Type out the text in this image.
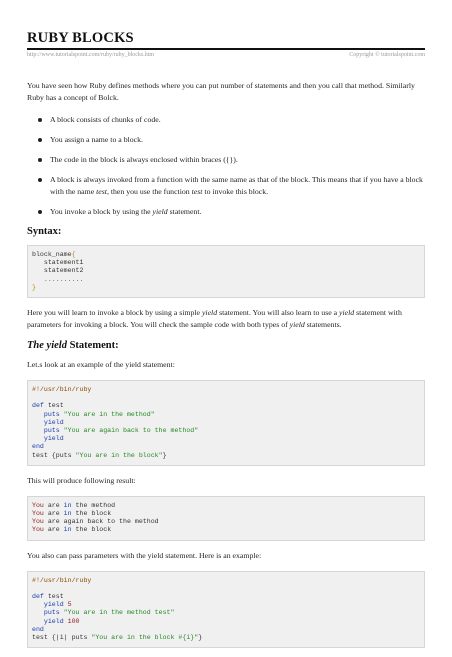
RUBY BLOCKS
http://www.tutorialspoint.com/ruby/ruby_blocks.htm	Copyright © tutorialspoint.com

You have seen how Ruby defines methods where you can put number of statements and then you call that method. Similarly Ruby has a concept of Bolck.

A block consists of chunks of code.
You assign a name to a block.
The code in the block is always enclosed within braces ({}).
A block is always invoked from a function with the same name as that of the block. This means that if you have a block with the name test, then you use the function test to invoke this block.
You invoke a block by using the yield statement.
Syntax:
block_name{
statement1
statement2
..........
}

Here you will learn to invoke a block by using a simple yield statement. You will also learn to use a yield statement with parameters for invoking a block. You will check the sample code with both types of yield statements.

The yield Statement:

Let.s look at an example of the yield statement:

#!/usr/bin/ruby

def test
puts "You are in the method"
yield
puts "You are again back to the method"
yield
end
test {puts "You are in the block"}

This will produce following result:

You are in the method
You are in the block
You are again back to the method
You are in the block

You also can pass parameters with the yield statement. Here is an example:

#!/usr/bin/ruby

def test
yield 5
puts "You are in the method test"
yield 100
end
test {|i| puts "You are in the block #{i}"}
